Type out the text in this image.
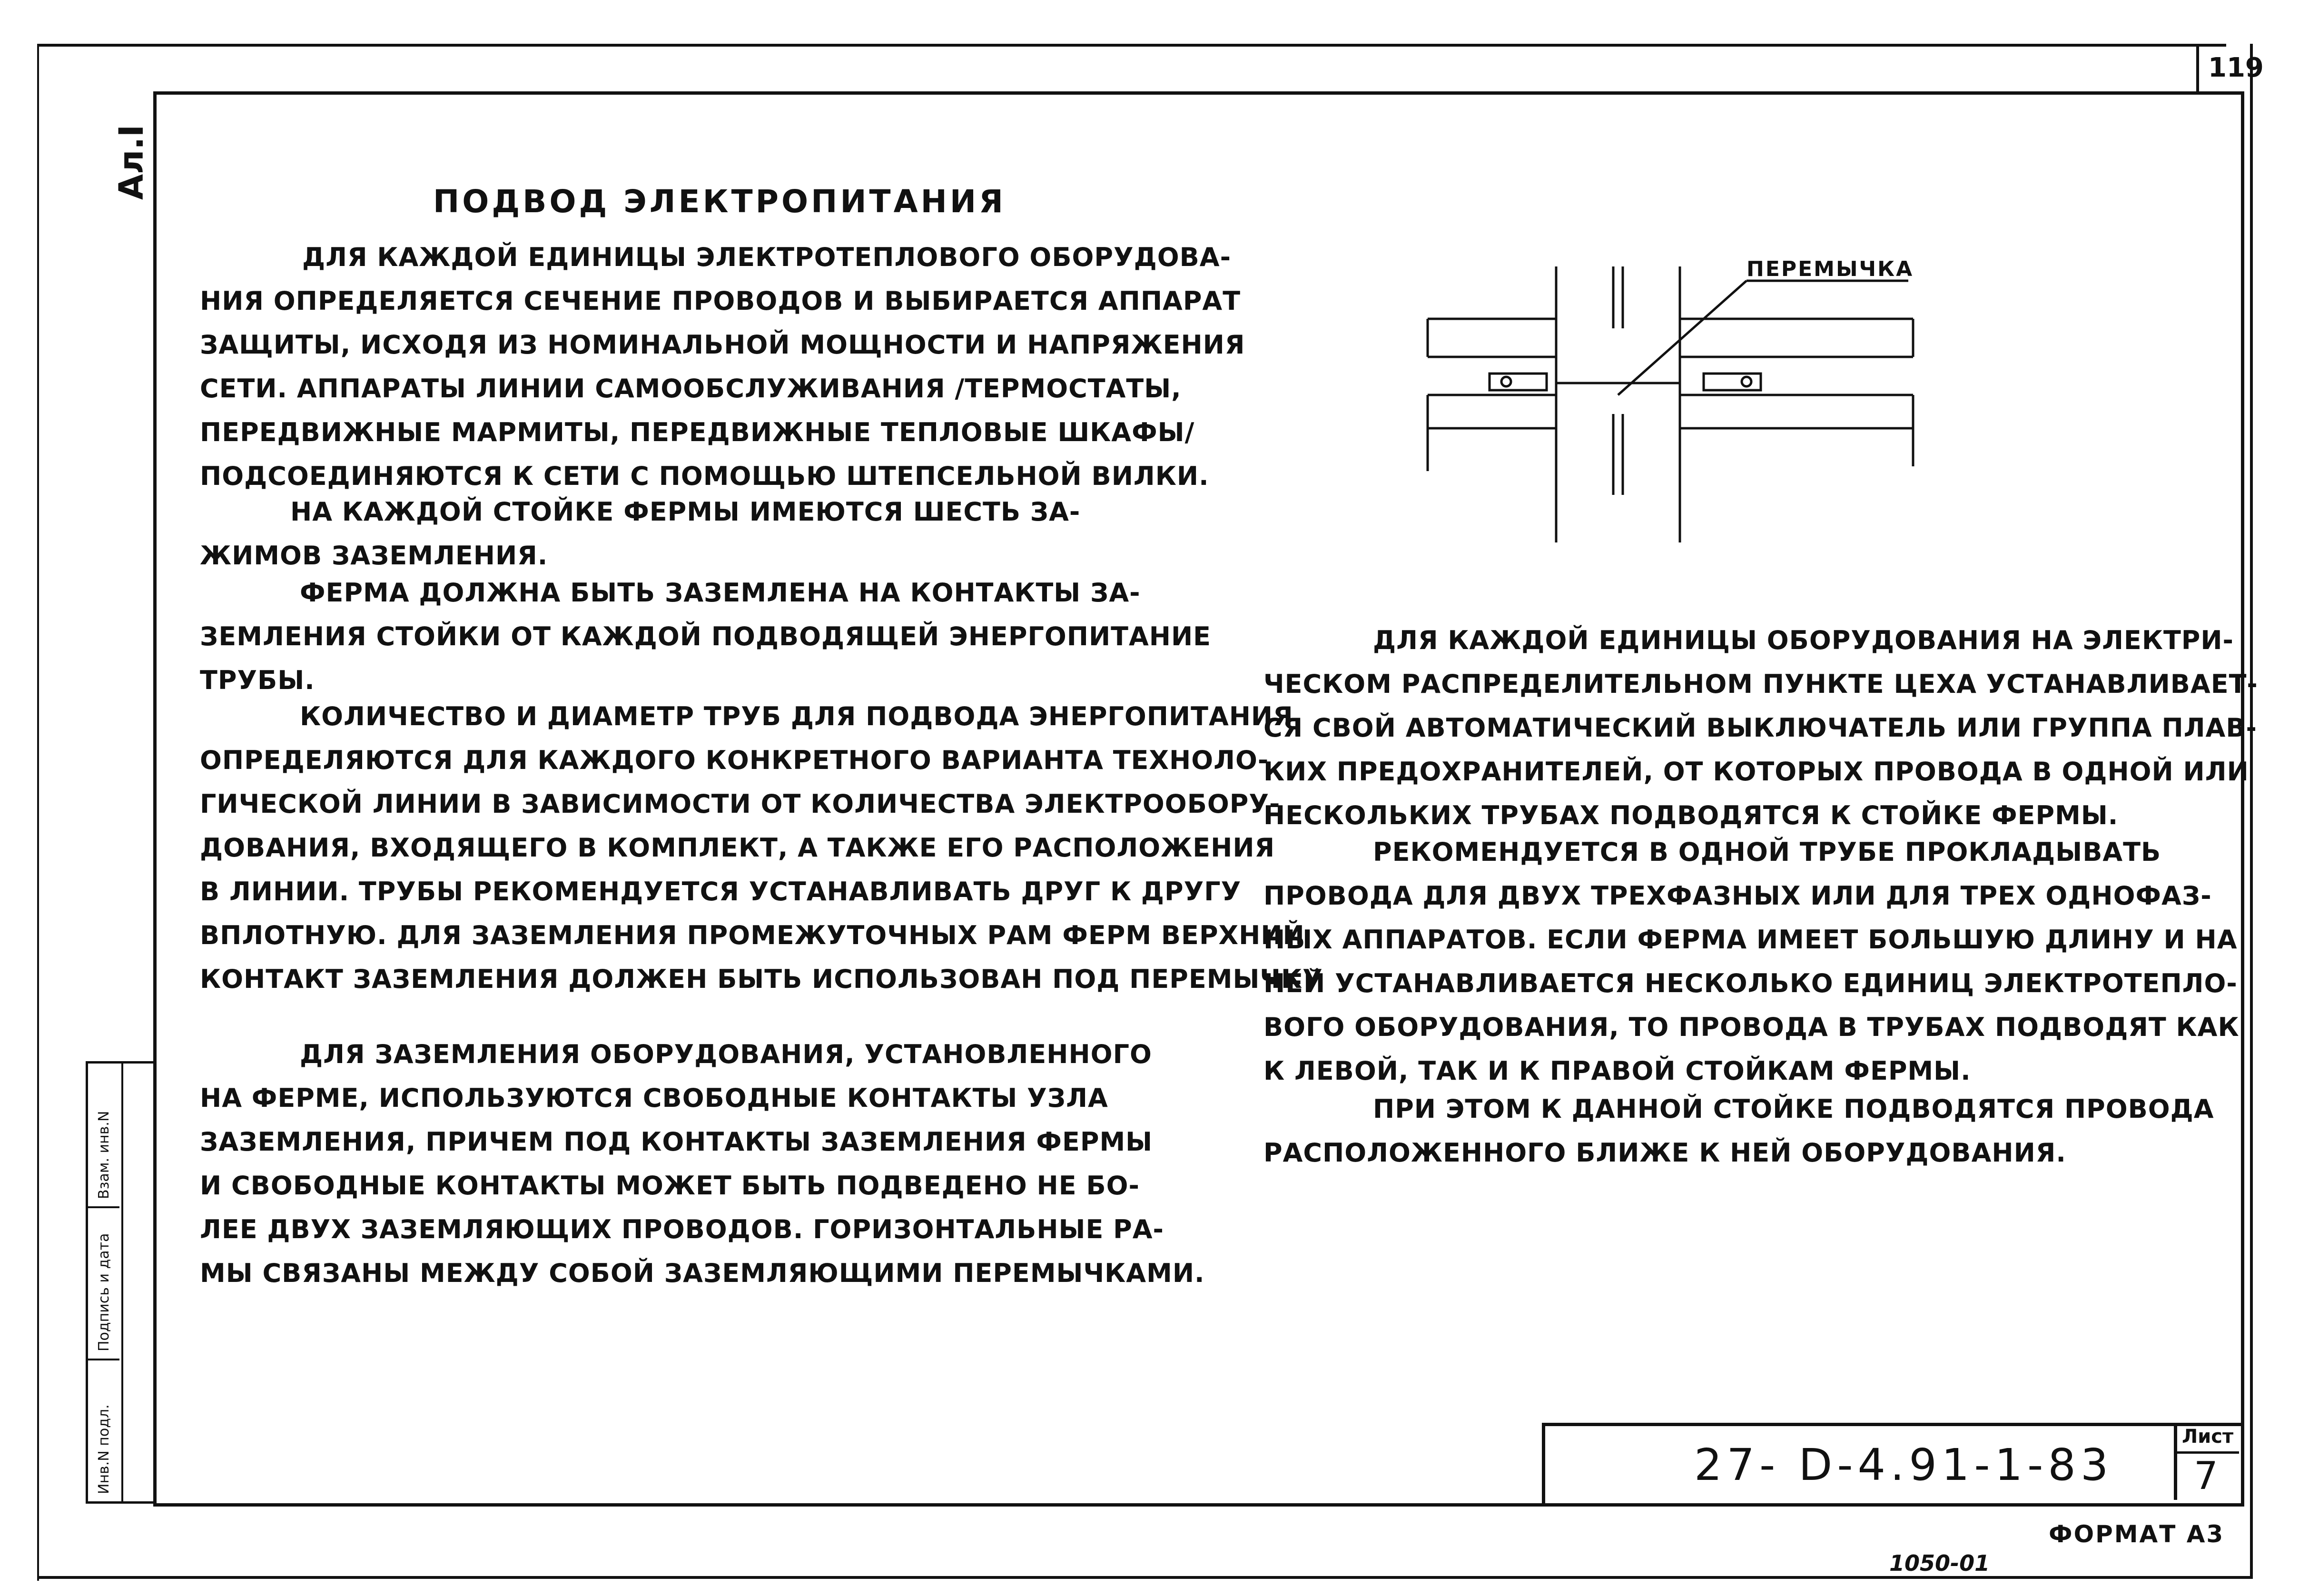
119
Ал.I
ПОДВОД ЭЛЕКТРОПИТАНИЯ
ДЛЯ КАЖДОЙ ЕДИНИЦЫ ЭЛЕКТРОТЕПЛОВОГО ОБОРУДОВА-
НИЯ ОПРЕДЕЛЯЕТСЯ СЕЧЕНИЕ ПРОВОДОВ И ВЫБИРАЕТСЯ АППАРАТ
ЗАЩИТЫ, ИСХОДЯ ИЗ НОМИНАЛЬНОЙ МОЩНОСТИ И НАПРЯЖЕНИЯ
СЕТИ. АППАРАТЫ ЛИНИИ САМООБСЛУЖИВАНИЯ /ТЕРМОСТАТЫ,
ПЕРЕДВИЖНЫЕ МАРМИТЫ, ПЕРЕДВИЖНЫЕ ТЕПЛОВЫЕ ШКАФЫ/
ПОДСОЕДИНЯЮТСЯ К СЕТИ С ПОМОЩЬЮ ШТЕПСЕЛЬНОЙ ВИЛКИ.
НА КАЖДОЙ СТОЙКЕ ФЕРМЫ ИМЕЮТСЯ ШЕСТЬ ЗА-
ЖИМОВ ЗАЗЕМЛЕНИЯ.
ФЕРМА ДОЛЖНА БЫТЬ ЗАЗЕМЛЕНА НА КОНТАКТЫ ЗА-
ЗЕМЛЕНИЯ СТОЙКИ ОТ КАЖДОЙ ПОДВОДЯЩЕЙ ЭНЕРГОПИТАНИЕ
ТРУБЫ.
КОЛИЧЕСТВО И ДИАМЕТР ТРУБ ДЛЯ ПОДВОДА ЭНЕРГОПИТАНИЯ
ОПРЕДЕЛЯЮТСЯ ДЛЯ КАЖДОГО КОНКРЕТНОГО ВАРИАНТА ТЕХНОЛО-
ГИЧЕСКОЙ ЛИНИИ В ЗАВИСИМОСТИ ОТ КОЛИЧЕСТВА ЭЛЕКТРООБОРУ-
ДОВАНИЯ, ВХОДЯЩЕГО В КОМПЛЕКТ, А ТАКЖЕ ЕГО РАСПОЛОЖЕНИЯ
В ЛИНИИ. ТРУБЫ РЕКОМЕНДУЕТСЯ УСТАНАВЛИВАТЬ ДРУГ К ДРУГУ
ВПЛОТНУЮ. ДЛЯ ЗАЗЕМЛЕНИЯ ПРОМЕЖУТОЧНЫХ РАМ ФЕРМ ВЕРХНИЙ
КОНТАКТ ЗАЗЕМЛЕНИЯ ДОЛЖЕН БЫТЬ ИСПОЛЬЗОВАН ПОД ПЕРЕМЫЧКУ
ДЛЯ ЗАЗЕМЛЕНИЯ ОБОРУДОВАНИЯ, УСТАНОВЛЕННОГО
НА ФЕРМЕ, ИСПОЛЬЗУЮТСЯ СВОБОДНЫЕ КОНТАКТЫ УЗЛА
ЗАЗЕМЛЕНИЯ, ПРИЧЕМ ПОД КОНТАКТЫ ЗАЗЕМЛЕНИЯ ФЕРМЫ
И СВОБОДНЫЕ КОНТАКТЫ МОЖЕТ БЫТЬ ПОДВЕДЕНО НЕ БО-
ЛЕЕ ДВУХ ЗАЗЕМЛЯЮЩИХ ПРОВОДОВ. ГОРИЗОНТАЛЬНЫЕ РА-
МЫ СВЯЗАНЫ МЕЖДУ СОБОЙ ЗАЗЕМЛЯЮЩИМИ ПЕРЕМЫЧКАМИ.
ПЕРЕМЫЧКА
ДЛЯ КАЖДОЙ ЕДИНИЦЫ ОБОРУДОВАНИЯ НА ЭЛЕКТРИ-
ЧЕСКОМ РАСПРЕДЕЛИТЕЛЬНОМ ПУНКТЕ ЦЕХА УСТАНАВЛИВАЕТ-
СЯ СВОЙ АВТОМАТИЧЕСКИЙ ВЫКЛЮЧАТЕЛЬ ИЛИ ГРУППА ПЛАВ-
КИХ ПРЕДОХРАНИТЕЛЕЙ, ОТ КОТОРЫХ ПРОВОДА В ОДНОЙ ИЛИ
НЕСКОЛЬКИХ ТРУБАХ ПОДВОДЯТСЯ К СТОЙКЕ ФЕРМЫ.
РЕКОМЕНДУЕТСЯ В ОДНОЙ ТРУБЕ ПРОКЛАДЫВАТЬ
ПРОВОДА ДЛЯ ДВУХ ТРЕХФАЗНЫХ ИЛИ ДЛЯ ТРЕХ ОДНОФАЗ-
НЫХ АППАРАТОВ. ЕСЛИ ФЕРМА ИМЕЕТ БОЛЬШУЮ ДЛИНУ И НА
НЕЙ УСТАНАВЛИВАЕТСЯ НЕСКОЛЬКО ЕДИНИЦ ЭЛЕКТРОТЕПЛО-
ВОГО ОБОРУДОВАНИЯ, ТО ПРОВОДА В ТРУБАХ ПОДВОДЯТ КАК
К ЛЕВОЙ, ТАК И К ПРАВОЙ СТОЙКАМ ФЕРМЫ.
ПРИ ЭТОМ К ДАННОЙ СТОЙКЕ ПОДВОДЯТСЯ ПРОВОДА
РАСПОЛОЖЕННОГО БЛИЖЕ К НЕЙ ОБОРУДОВАНИЯ.
Инв.N подл.
Подпись и дата
Взам. инв.N
27- D-4.91-1-83
Лист
7
ФОРМАТ А3
1050-01
